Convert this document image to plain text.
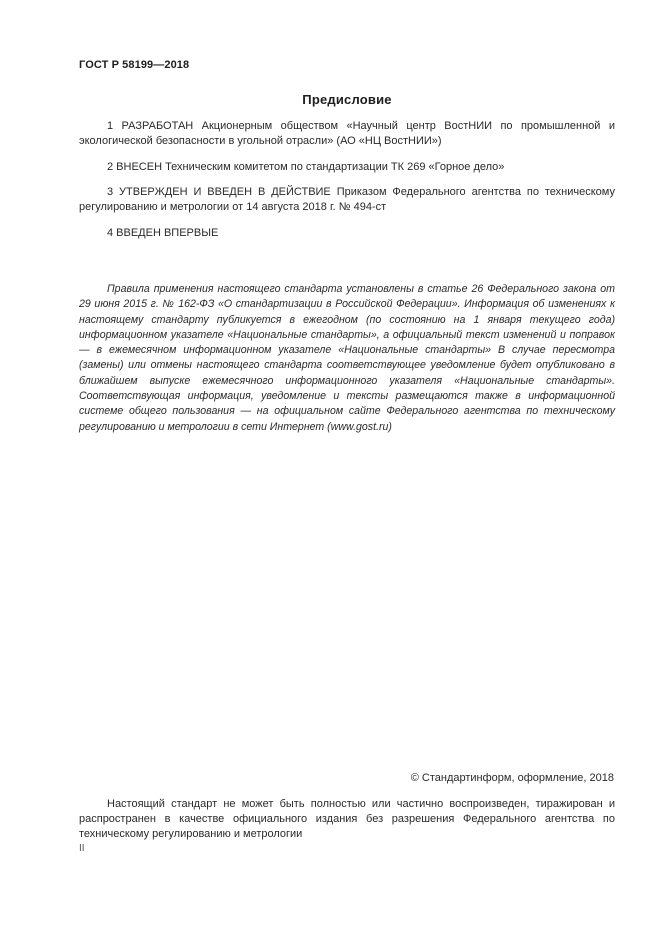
ГОСТ Р 58199—2018
Предисловие

1 РАЗРАБОТАН Акционерным обществом «Научный центр ВостНИИ по промышленной и экологической безопасности в угольной отрасли» (АО «НЦ ВостНИИ»)

2 ВНЕСЕН Техническим комитетом по стандартизации ТК 269 «Горное дело»

3 УТВЕРЖДЕН И ВВЕДЕН В ДЕЙСТВИЕ Приказом Федерального агентства по техническому регулированию и метрологии от 14 августа 2018 г. № 494-ст

4 ВВЕДЕН ВПЕРВЫЕ

Правила применения настоящего стандарта установлены в статье 26 Федерального закона от 29 июня 2015 г. № 162-ФЗ «О стандартизации в Российской Федерации». Информация об изменениях к настоящему стандарту публикуется в ежегодном (по состоянию на 1 января текущего года) информационном указателе «Национальные стандарты», а официальный текст изменений и поправок — в ежемесячном информационном указателе «Национальные стандарты» В случае пересмотра (замены) или отмены настоящего стандарта соответствующее уведомление будет опубликовано в ближайшем выпуске ежемесячного информационного указателя «Национальные стандарты». Соответствующая информация, уведомление и тексты размещаются также в информационной системе общего пользования — на официальном сайте Федерального агентства по техническому регулированию и метрологии в сети Интернет (www.gost.ru)

© Стандартинформ, оформление, 2018

Настоящий стандарт не может быть полностью или частично воспроизведен, тиражирован и распространен в качестве официального издания без разрешения Федерального агентства по техническому регулированию и метрологии

II
